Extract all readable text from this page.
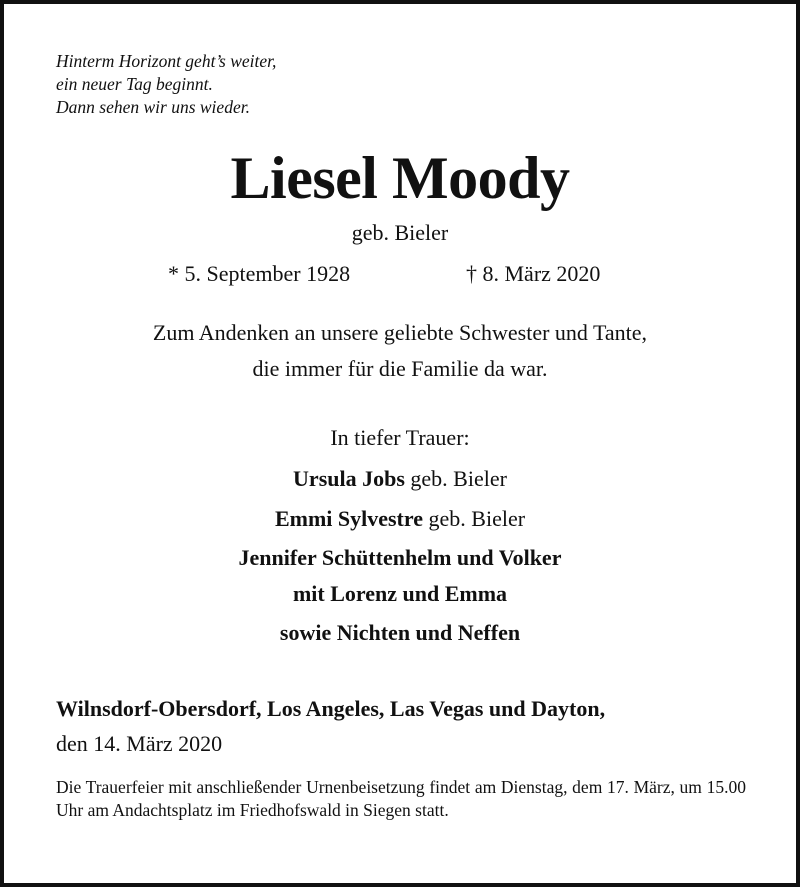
Hinterm Horizont geht’s weiter,
ein neuer Tag beginnt.
Dann sehen wir uns wieder.
Liesel Moody
geb. Bieler
* 5. September 1928	† 8. März 2020
Zum Andenken an unsere geliebte Schwester und Tante,
die immer für die Familie da war.
In tiefer Trauer:
Ursula Jobs geb. Bieler
Emmi Sylvestre geb. Bieler
Jennifer Schüttenhelm und Volker
mit Lorenz und Emma
sowie Nichten und Neffen
Wilnsdorf-Obersdorf, Los Angeles, Las Vegas und Dayton,
den 14. März 2020
Die Trauerfeier mit anschließender Urnenbeisetzung findet am Dienstag, dem 17. März, um 15.00 Uhr am Andachtsplatz im Friedhofswald in Siegen statt.
